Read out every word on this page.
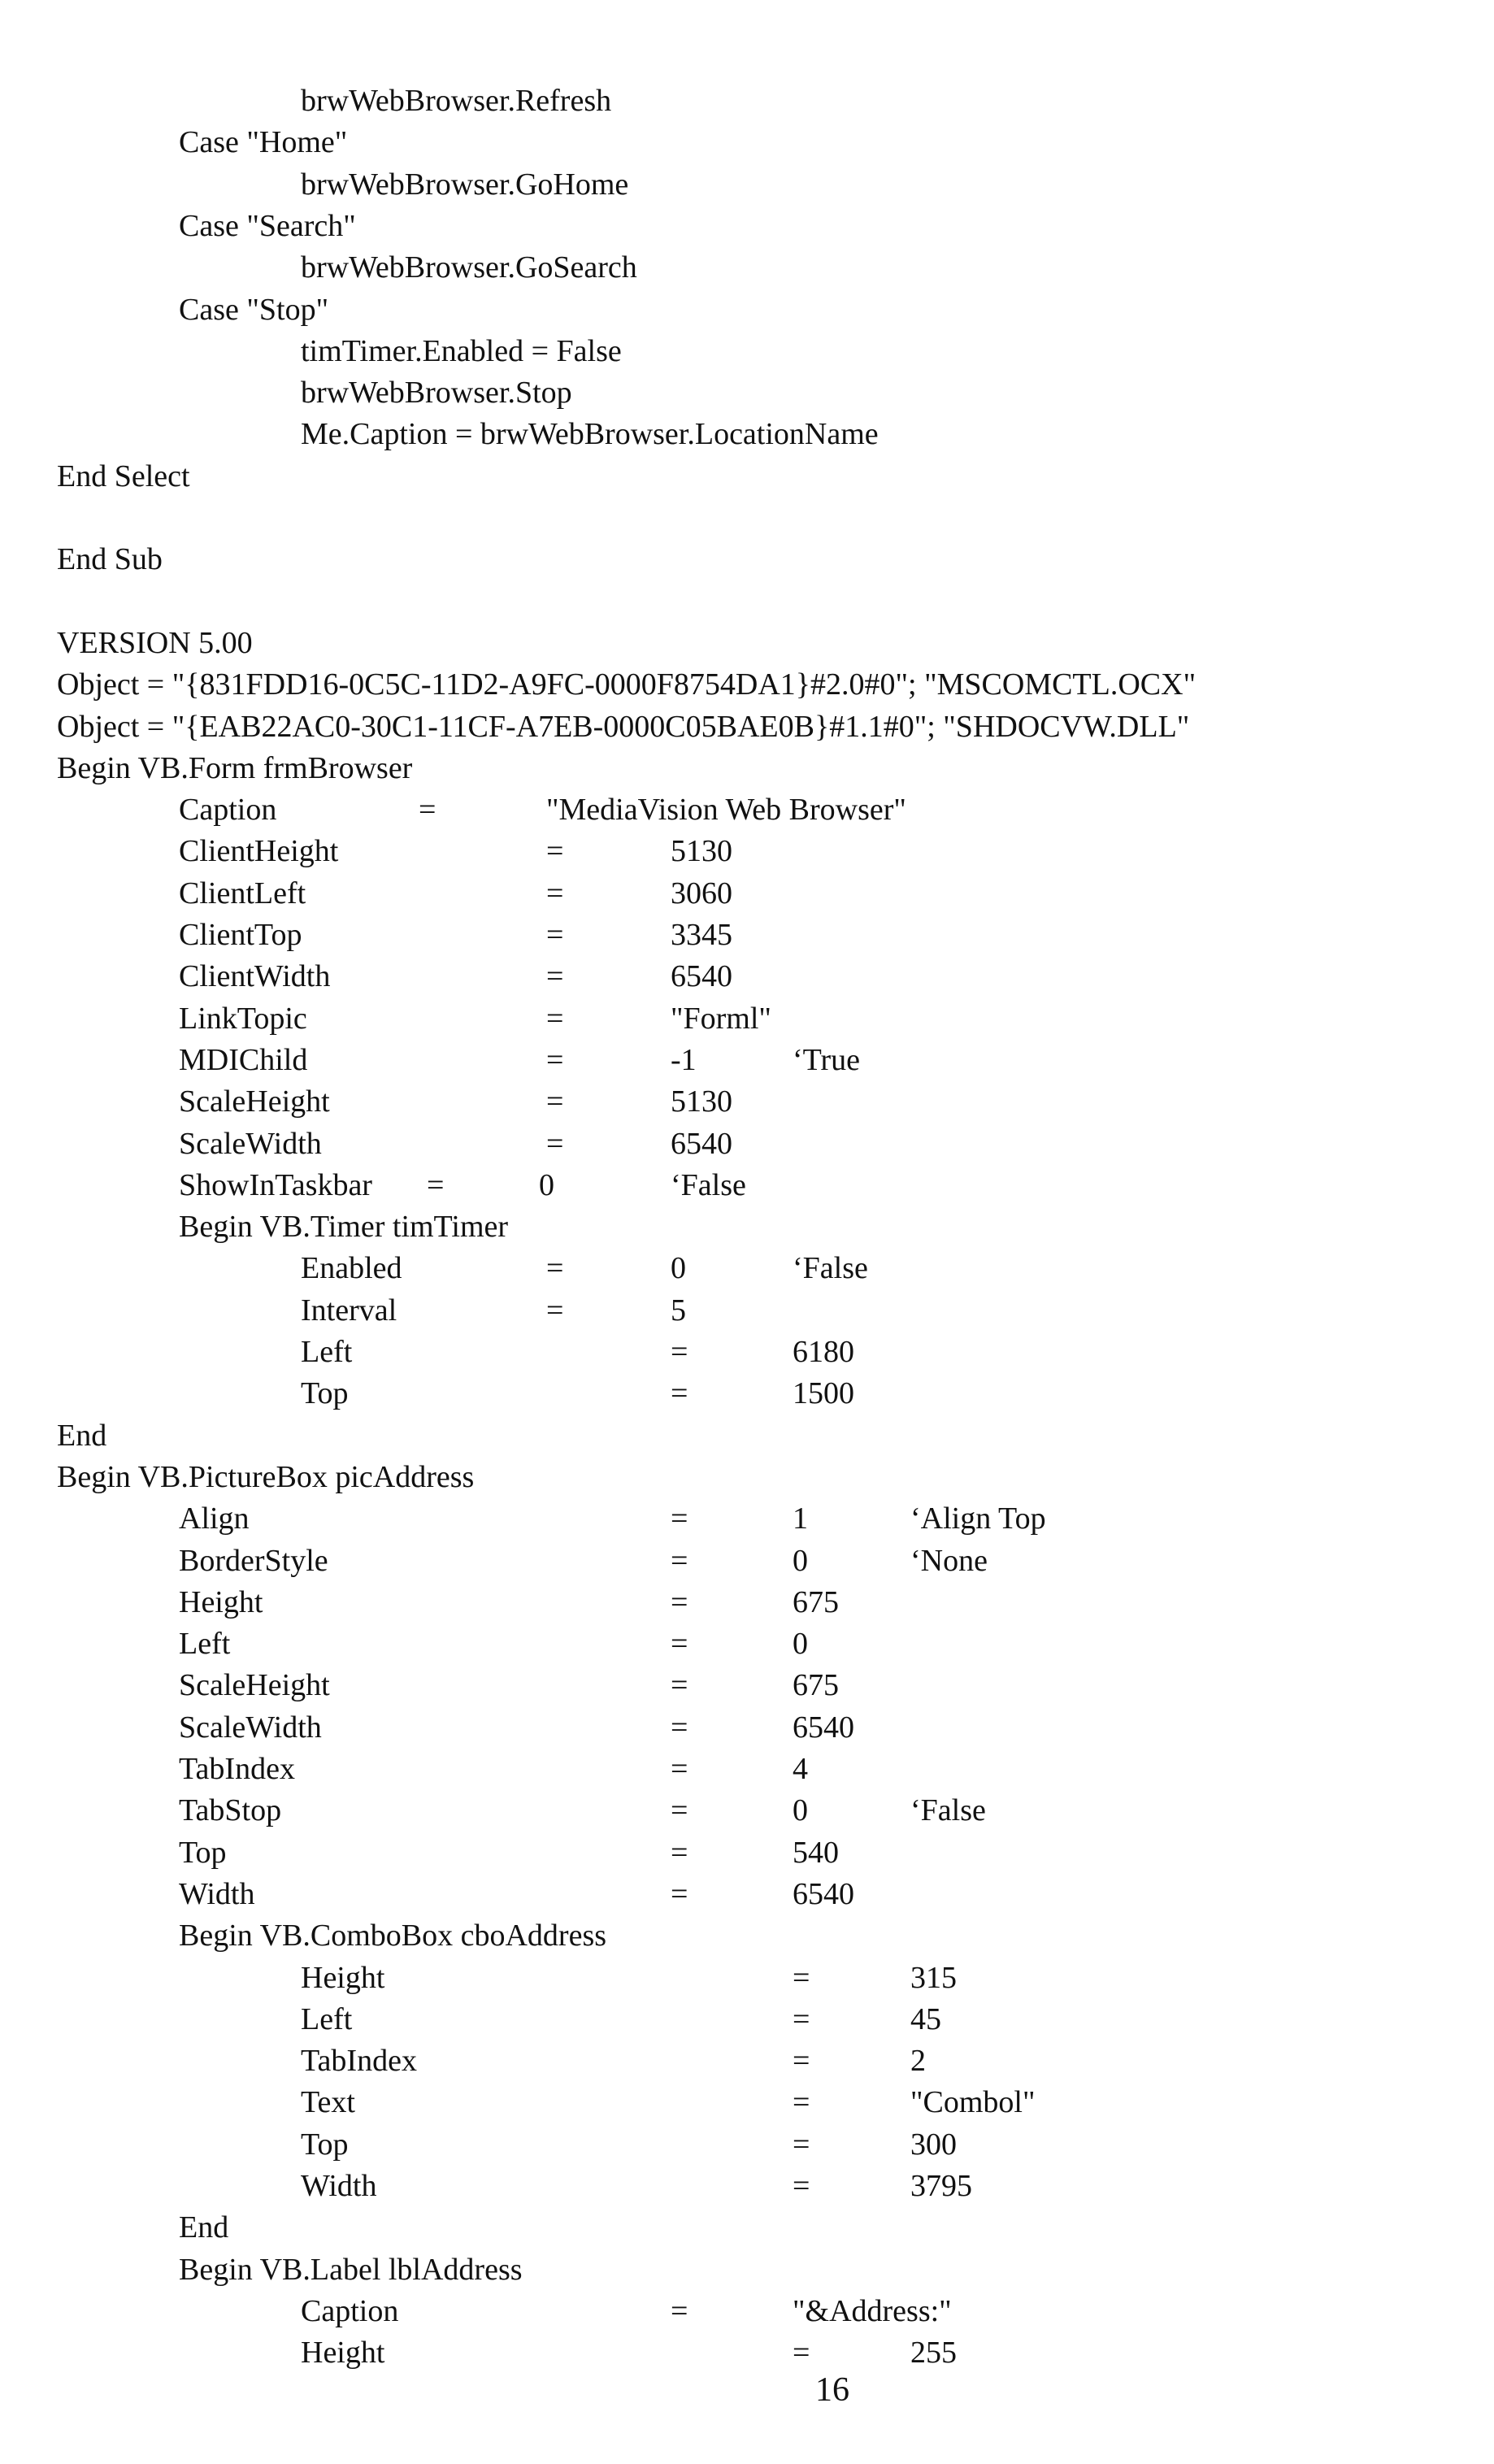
brwWebBrowser.Refresh
Case "Home"
brwWebBrowser.GoHome
Case "Search"
brwWebBrowser.GoSearch
Case "Stop"
timTimer.Enabled = False
brwWebBrowser.Stop
Me.Caption = brwWebBrowser.LocationName
End Select
End Sub
VERSION 5.00
Object = "{831FDD16-0C5C-11D2-A9FC-0000F8754DA1}#2.0#0"; "MSCOMCTL.OCX"
Object = "{EAB22AC0-30C1-11CF-A7EB-0000C05BAE0B}#1.1#0"; "SHDOCVW.DLL"
Begin VB.Form frmBrowser
Caption	=	"MediaVision Web Browser"
ClientHeight	=	5130
ClientLeft	=	3060
ClientTop	=	3345
ClientWidth	=	6540
LinkTopic	=	"Forml"
MDIChild	=	-1	‘True
ScaleHeight	=	5130
ScaleWidth	=	6540
ShowInTaskbar =	0	‘False
Begin VB.Timer timTimer
Enabled	=	0	‘False
Interval	=	5
Left	=	6180
Top	=	1500
End
Begin VB.PictureBox picAddress
Align	=	1	‘Align Top
BorderStyle	=	0	‘None
Height	=	675
Left	=	0
ScaleHeight	=	675
ScaleWidth	=	6540
TabIndex	=	4
TabStop	=	0	‘False
Top	=	540
Width	=	6540
Begin VB.ComboBox cboAddress
Height	=	315
Left	=	45
TabIndex	=	2
Text	=	"Combol"
Top	=	300
Width	=	3795
End
Begin VB.Label lblAddress
Caption	=	"&Address:"
Height	=	255
16
